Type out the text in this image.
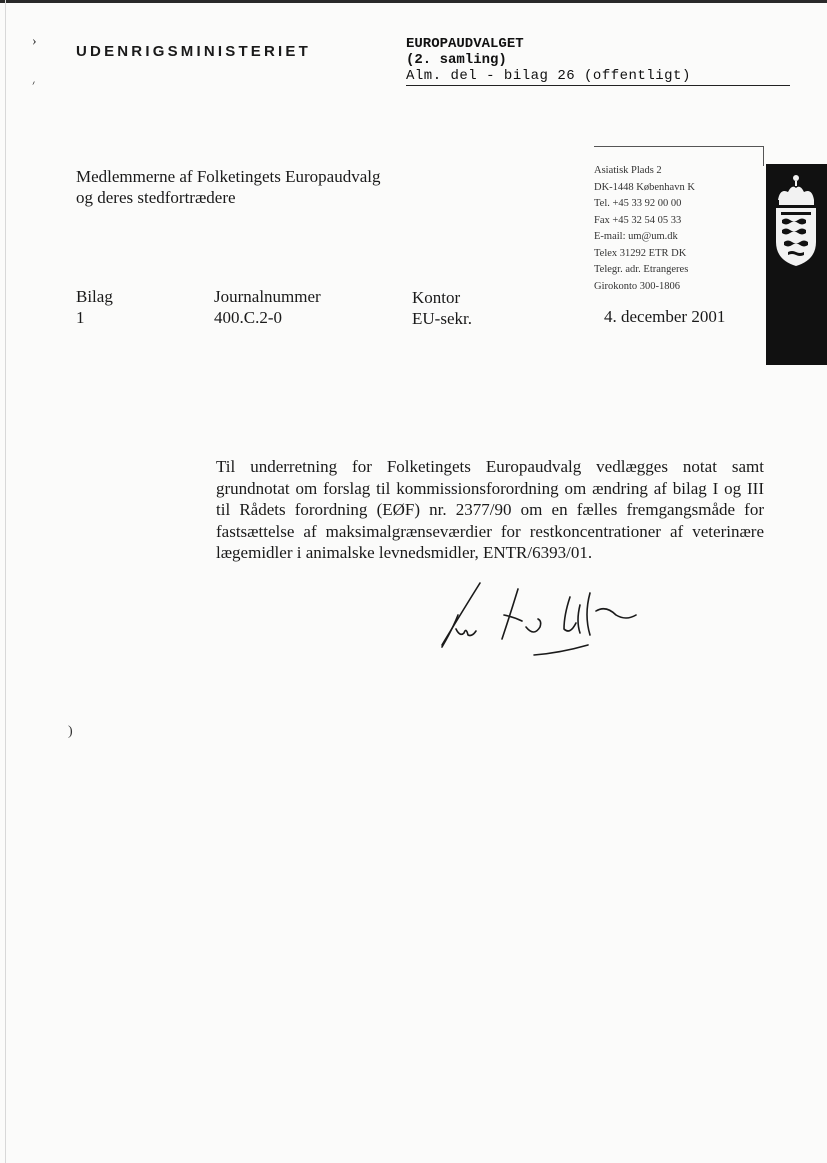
›
׳
)
UDENRIGSMINISTERIET	EUROPAUDVALGET
(2. samling)
Alm. del - bilag 26 (offentligt)
Medlemmerne af Folketingets Europaudvalg
og deres stedfortrædere
Asiatisk Plads 2
DK-1448 København K
Tel. +45 33 92 00 00
Fax +45 32 54 05 33
E-mail: um@um.dk
Telex 31292 ETR DK
Telegr. adr. Etrangeres
Girokonto 300-1806
Bilag
1
Journalnummer
400.C.2-0
Kontor
EU-sekr.	4. december 2001
Til underretning for Folketingets Europaudvalg vedlægges notat samt grundnotat om forslag til kommissionsforordning om ændring af bilag I og III til Rådets forordning (EØF) nr. 2377/90 om en fælles fremgangsmåde for fastsættelse af maksimalgrænseværdier for restkoncentrationer af veterinære lægemidler i animalske levnedsmidler, ENTR/6393/01.
